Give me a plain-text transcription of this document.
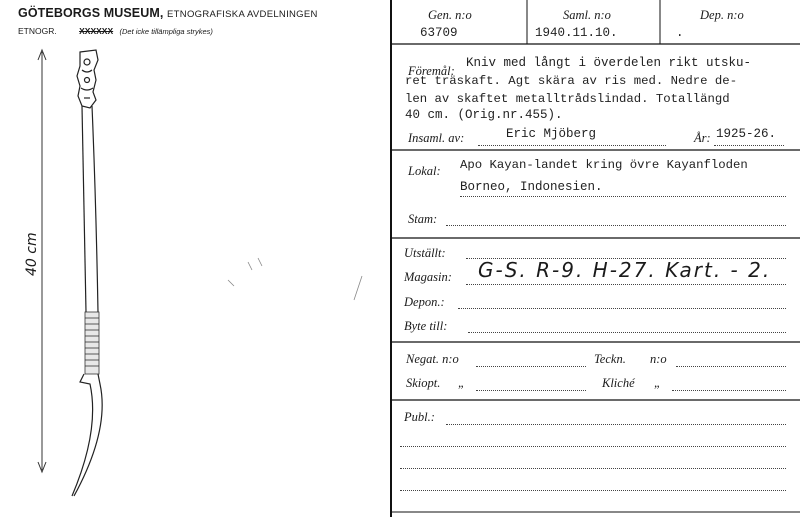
GÖTEBORGS MUSEUM, ETNOGRAFISKA AVDELNINGEN
ETNOGR.	XXXXXX (Det icke tillämpliga strykes)
40 cm
Gen. n:o
63709
Saml. n:o
1940.11.10.
Dep. n:o
.
Föremål:
Kniv med långt i överdelen rikt utsku-
ret träskaft. Agt skära av ris med. Nedre de-
len av skaftet metalltrådslindad. Totallängd
40 cm. (Orig.nr.455).
Insaml. av:	Eric Mjöberg	År: 1925-26.
Lokal: Apo Kayan-landet kring övre Kayanfloden
Borneo, Indonesien.
Stam:
Utställt:
Magasin: G-S. R-9. H-27. Kart. - 2.
Depon.:
Byte till:
Negat. n:o	Teckn. n:o
Skiopt. „	Kliché „
Publ.:
